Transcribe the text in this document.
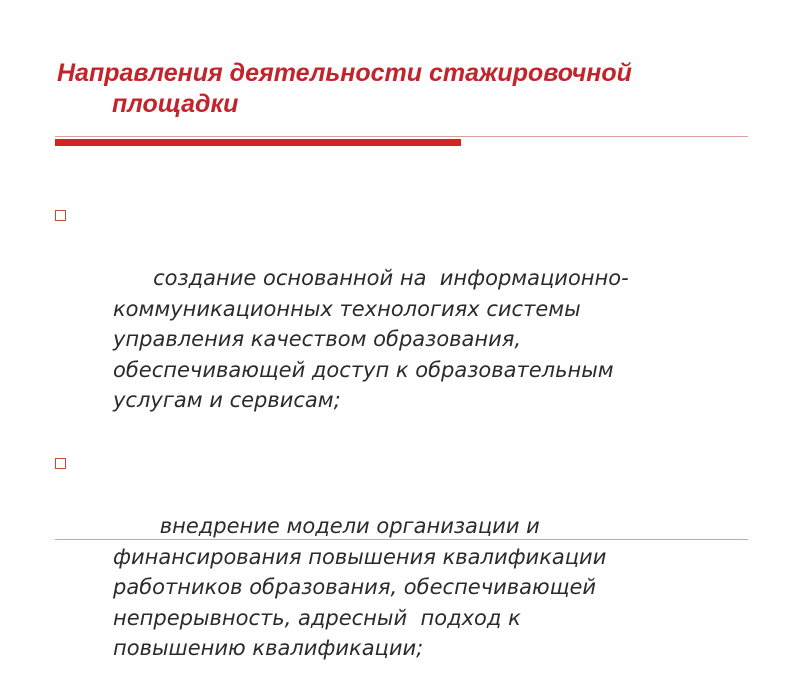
Направления деятельности стажировочной
площадки

создание основанной на  информационно-
коммуникационных технологиях системы
управления качеством образования,
обеспечивающей доступ к образовательным
услугам и сервисам;

внедрение модели организации и
финансирования повышения квалификации
работников образования, обеспечивающей
непрерывность, адресный  подход к
повышению квалификации;
